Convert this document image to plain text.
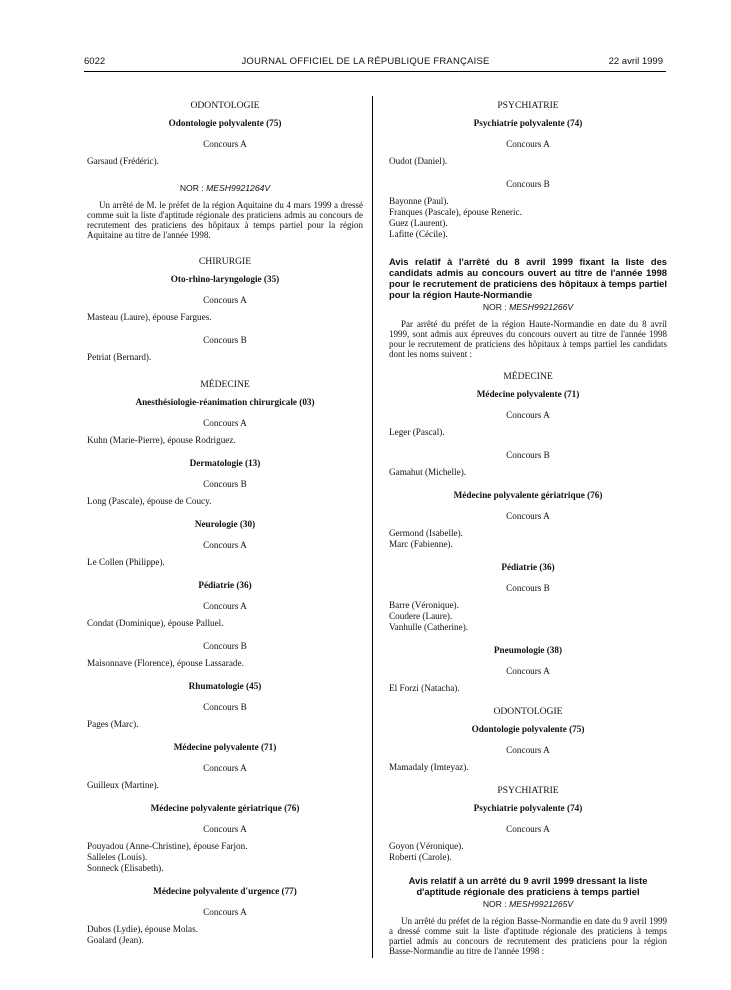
6022	JOURNAL OFFICIEL DE LA RÉPUBLIQUE FRANÇAISE	22 avril 1999

ODONTOLOGIE

Odontologie polyvalente (75)

Concours A

Garsaud (Frédéric).

NOR : MESH9921264V

Un arrêté de M. le préfet de la région Aquitaine du 4 mars 1999 a dressé comme suit la liste d'aptitude régionale des praticiens admis au concours de recrutement des praticiens des hôpitaux à temps partiel pour la région Aquitaine au titre de l'année 1998.

CHIRURGIE

Oto-rhino-laryngologie (35)

Concours A

Masteau (Laure), épouse Fargues.

Concours B

Petriat (Bernard).

MÉDECINE

Anesthésiologie-réanimation chirurgicale (03)

Concours A

Kuhn (Marie-Pierre), épouse Rodriguez.

Dermatologie (13)

Concours B

Long (Pascale), épouse de Coucy.

Neurologie (30)

Concours A

Le Collen (Philippe).

Pédiatrie (36)

Concours A

Condat (Dominique), épouse Palluel.

Concours B

Maisonnave (Florence), épouse Lassarade.

Rhumatologie (45)

Concours B

Pages (Marc).

Médecine polyvalente (71)

Concours A

Guilleux (Martine).

Médecine polyvalente gériatrique (76)

Concours A

Pouyadou (Anne-Christine), épouse Farjon.

Salleles (Louis).

Sonneck (Elisabeth).

Médecine polyvalente d'urgence (77)

Concours A

Dubos (Lydie), épouse Molas.

Goalard (Jean).

PSYCHIATRIE

Psychiatrie polyvalente (74)

Concours A

Oudot (Daniel).

Concours B

Bayonne (Paul).

Franques (Pascale), épouse Reneric.

Guez (Laurent).

Lafitte (Cécile).

Avis relatif à l'arrêté du 8 avril 1999 fixant la liste des candidats admis au concours ouvert au titre de l'année 1998 pour le recrutement de praticiens des hôpitaux à temps partiel pour la région Haute-Normandie

NOR : MESH9921266V

Par arrêté du préfet de la région Haute-Normandie en date du 8 avril 1999, sont admis aux épreuves du concours ouvert au titre de l'année 1998 pour le recrutement de praticiens des hôpitaux à temps partiel les candidats dont les noms suivent :

MÉDECINE

Médecine polyvalente (71)

Concours A

Leger (Pascal).

Concours B

Gamahut (Michelle).

Médecine polyvalente gériatrique (76)

Concours A

Germond (Isabelle).

Marc (Fabienne).

Pédiatrie (36)

Concours B

Barre (Véronique).

Coudere (Laure).

Vanhulle (Catherine).

Pneumologie (38)

Concours A

El Forzi (Natacha).

ODONTOLOGIE

Odontologie polyvalente (75)

Concours A

Mamadaly (Imteyaz).

PSYCHIATRIE

Psychiatrie polyvalente (74)

Concours A

Goyon (Véronique).

Roberti (Carole).

Avis relatif à un arrêté du 9 avril 1999 dressant la liste d'aptitude régionale des praticiens à temps partiel

NOR : MESH9921265V

Un arrêté du préfet de la région Basse-Normandie en date du 9 avril 1999 a dressé comme suit la liste d'aptitude régionale des praticiens à temps partiel admis au concours de recrutement des praticiens pour la région Basse-Normandie au titre de l'année 1998 :
